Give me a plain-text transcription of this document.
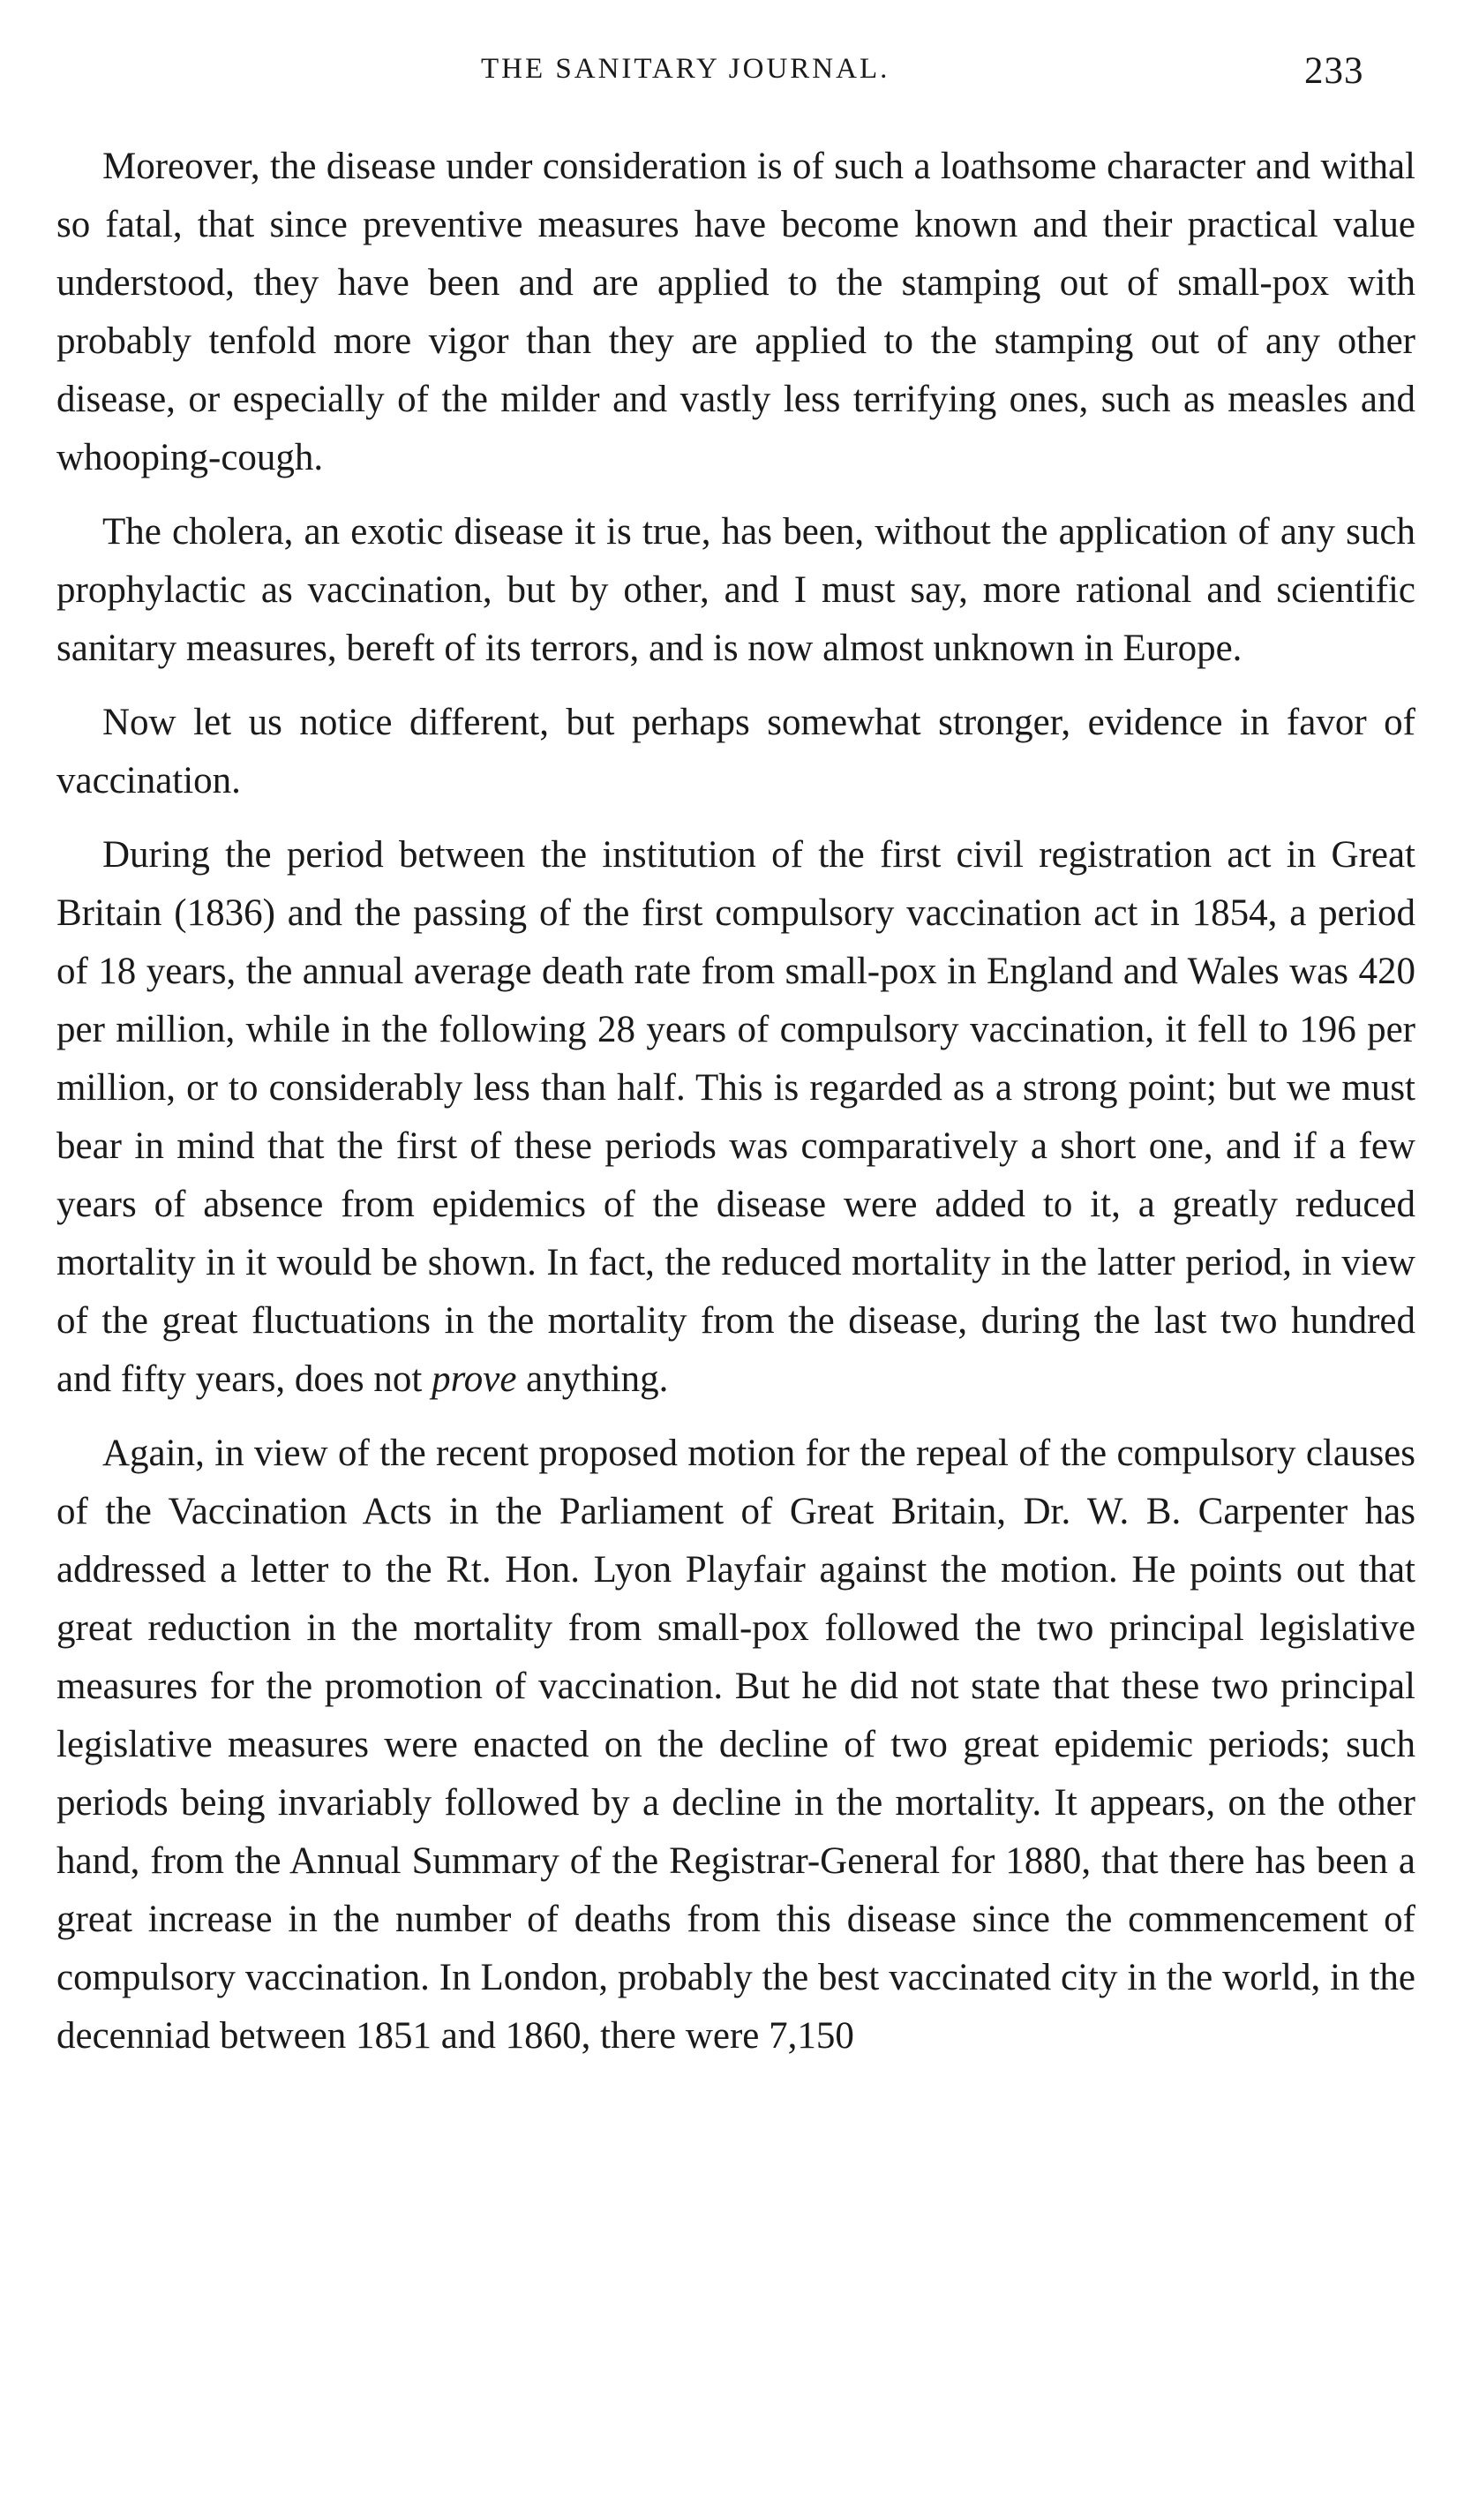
THE SANITARY JOURNAL.	233

Moreover, the disease under consideration is of such a loathsome character and withal so fatal, that since preventive measures have become known and their practical value understood, they have been and are applied to the stamping out of small-pox with probably tenfold more vigor than they are applied to the stamping out of any other disease, or especially of the milder and vastly less terrifying ones, such as measles and whooping-cough.

The cholera, an exotic disease it is true, has been, without the application of any such prophylactic as vaccination, but by other, and I must say, more rational and scientific sanitary measures, bereft of its terrors, and is now almost unknown in Europe.

Now let us notice different, but perhaps somewhat stronger, evidence in favor of vaccination.

During the period between the institution of the first civil registration act in Great Britain (1836) and the passing of the first compulsory vaccination act in 1854, a period of 18 years, the annual average death rate from small-pox in England and Wales was 420 per million, while in the following 28 years of compulsory vaccination, it fell to 196 per million, or to considerably less than half. This is regarded as a strong point; but we must bear in mind that the first of these periods was comparatively a short one, and if a few years of absence from epidemics of the disease were added to it, a greatly reduced mortality in it would be shown. In fact, the reduced mortality in the latter period, in view of the great fluctuations in the mortality from the disease, during the last two hundred and fifty years, does not prove anything.

Again, in view of the recent proposed motion for the repeal of the compulsory clauses of the Vaccination Acts in the Parliament of Great Britain, Dr. W. B. Carpenter has addressed a letter to the Rt. Hon. Lyon Playfair against the motion. He points out that great reduction in the mortality from small-pox followed the two principal legislative measures for the promotion of vaccination. But he did not state that these two principal legislative measures were enacted on the decline of two great epidemic periods; such periods being invariably followed by a decline in the mortality. It appears, on the other hand, from the Annual Summary of the Registrar-General for 1880, that there has been a great increase in the number of deaths from this disease since the commencement of compulsory vaccination. In London, probably the best vaccinated city in the world, in the decenniad between 1851 and 1860, there were 7,150
